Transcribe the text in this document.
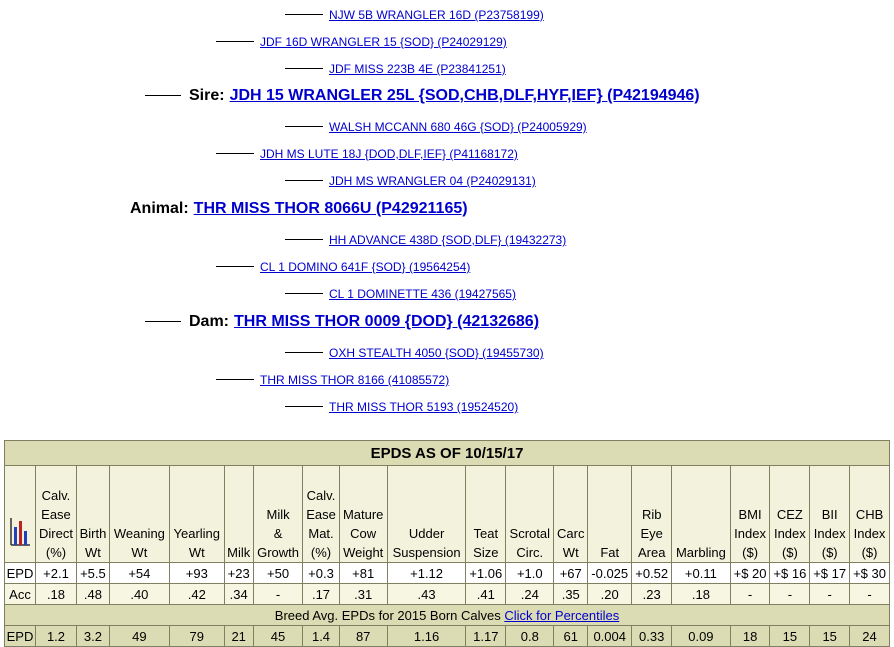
NJW 5B WRANGLER 16D (P23758199)
JDF 16D WRANGLER 15 {SOD} (P24029129)
JDF MISS 223B 4E (P23841251)
Sire: JDH 15 WRANGLER 25L {SOD,CHB,DLF,HYF,IEF} (P42194946)
WALSH MCCANN 680 46G {SOD} (P24005929)
JDH MS LUTE 18J {DOD,DLF,IEF} (P41168172)
JDH MS WRANGLER 04 (P24029131)
Animal: THR MISS THOR 8066U (P42921165)
HH ADVANCE 438D {SOD,DLF} (19432273)
CL 1 DOMINO 641F {SOD} (19564254)
CL 1 DOMINETTE 436 (19427565)
Dam: THR MISS THOR 0009 {DOD} (42132686)
OXH STEALTH 4050 {SOD} (19455730)
THR MISS THOR 8166 (41085572)
THR MISS THOR 5193 (19524520)
EPDS AS OF 10/15/17																			
	Calv.
Ease
Direct
(%)	Birth
Wt	Weaning
Wt	Yearling
Wt	Milk	Milk
&
Growth	Calv.
Ease
Mat.
(%)	Mature
Cow
Weight	Udder
Suspension	Teat
Size	Scrotal
Circ.	Carc
Wt	Fat	Rib
Eye
Area	Marbling	BMI
Index
($)	CEZ
Index
($)	BII
Index
($)	CHB
Index
($)
EPD	+2.1	+5.5	+54	+93	+23	+50	+0.3	+81	+1.12	+1.06	+1.0	+67	-0.025	+0.52	+0.11	+$ 20	+$ 16	+$ 17	+$ 30
Acc	.18	.48	.40	.42	.34	-	.17	.31	.43	.41	.24	.35	.20	.23	.18	-	-	-	-
Breed Avg. EPDs for 2015 Born Calves Click for Percentiles																			
EPD	1.2	3.2	49	79	21	45	1.4	87	1.16	1.17	0.8	61	0.004	0.33	0.09	18	15	15	24
